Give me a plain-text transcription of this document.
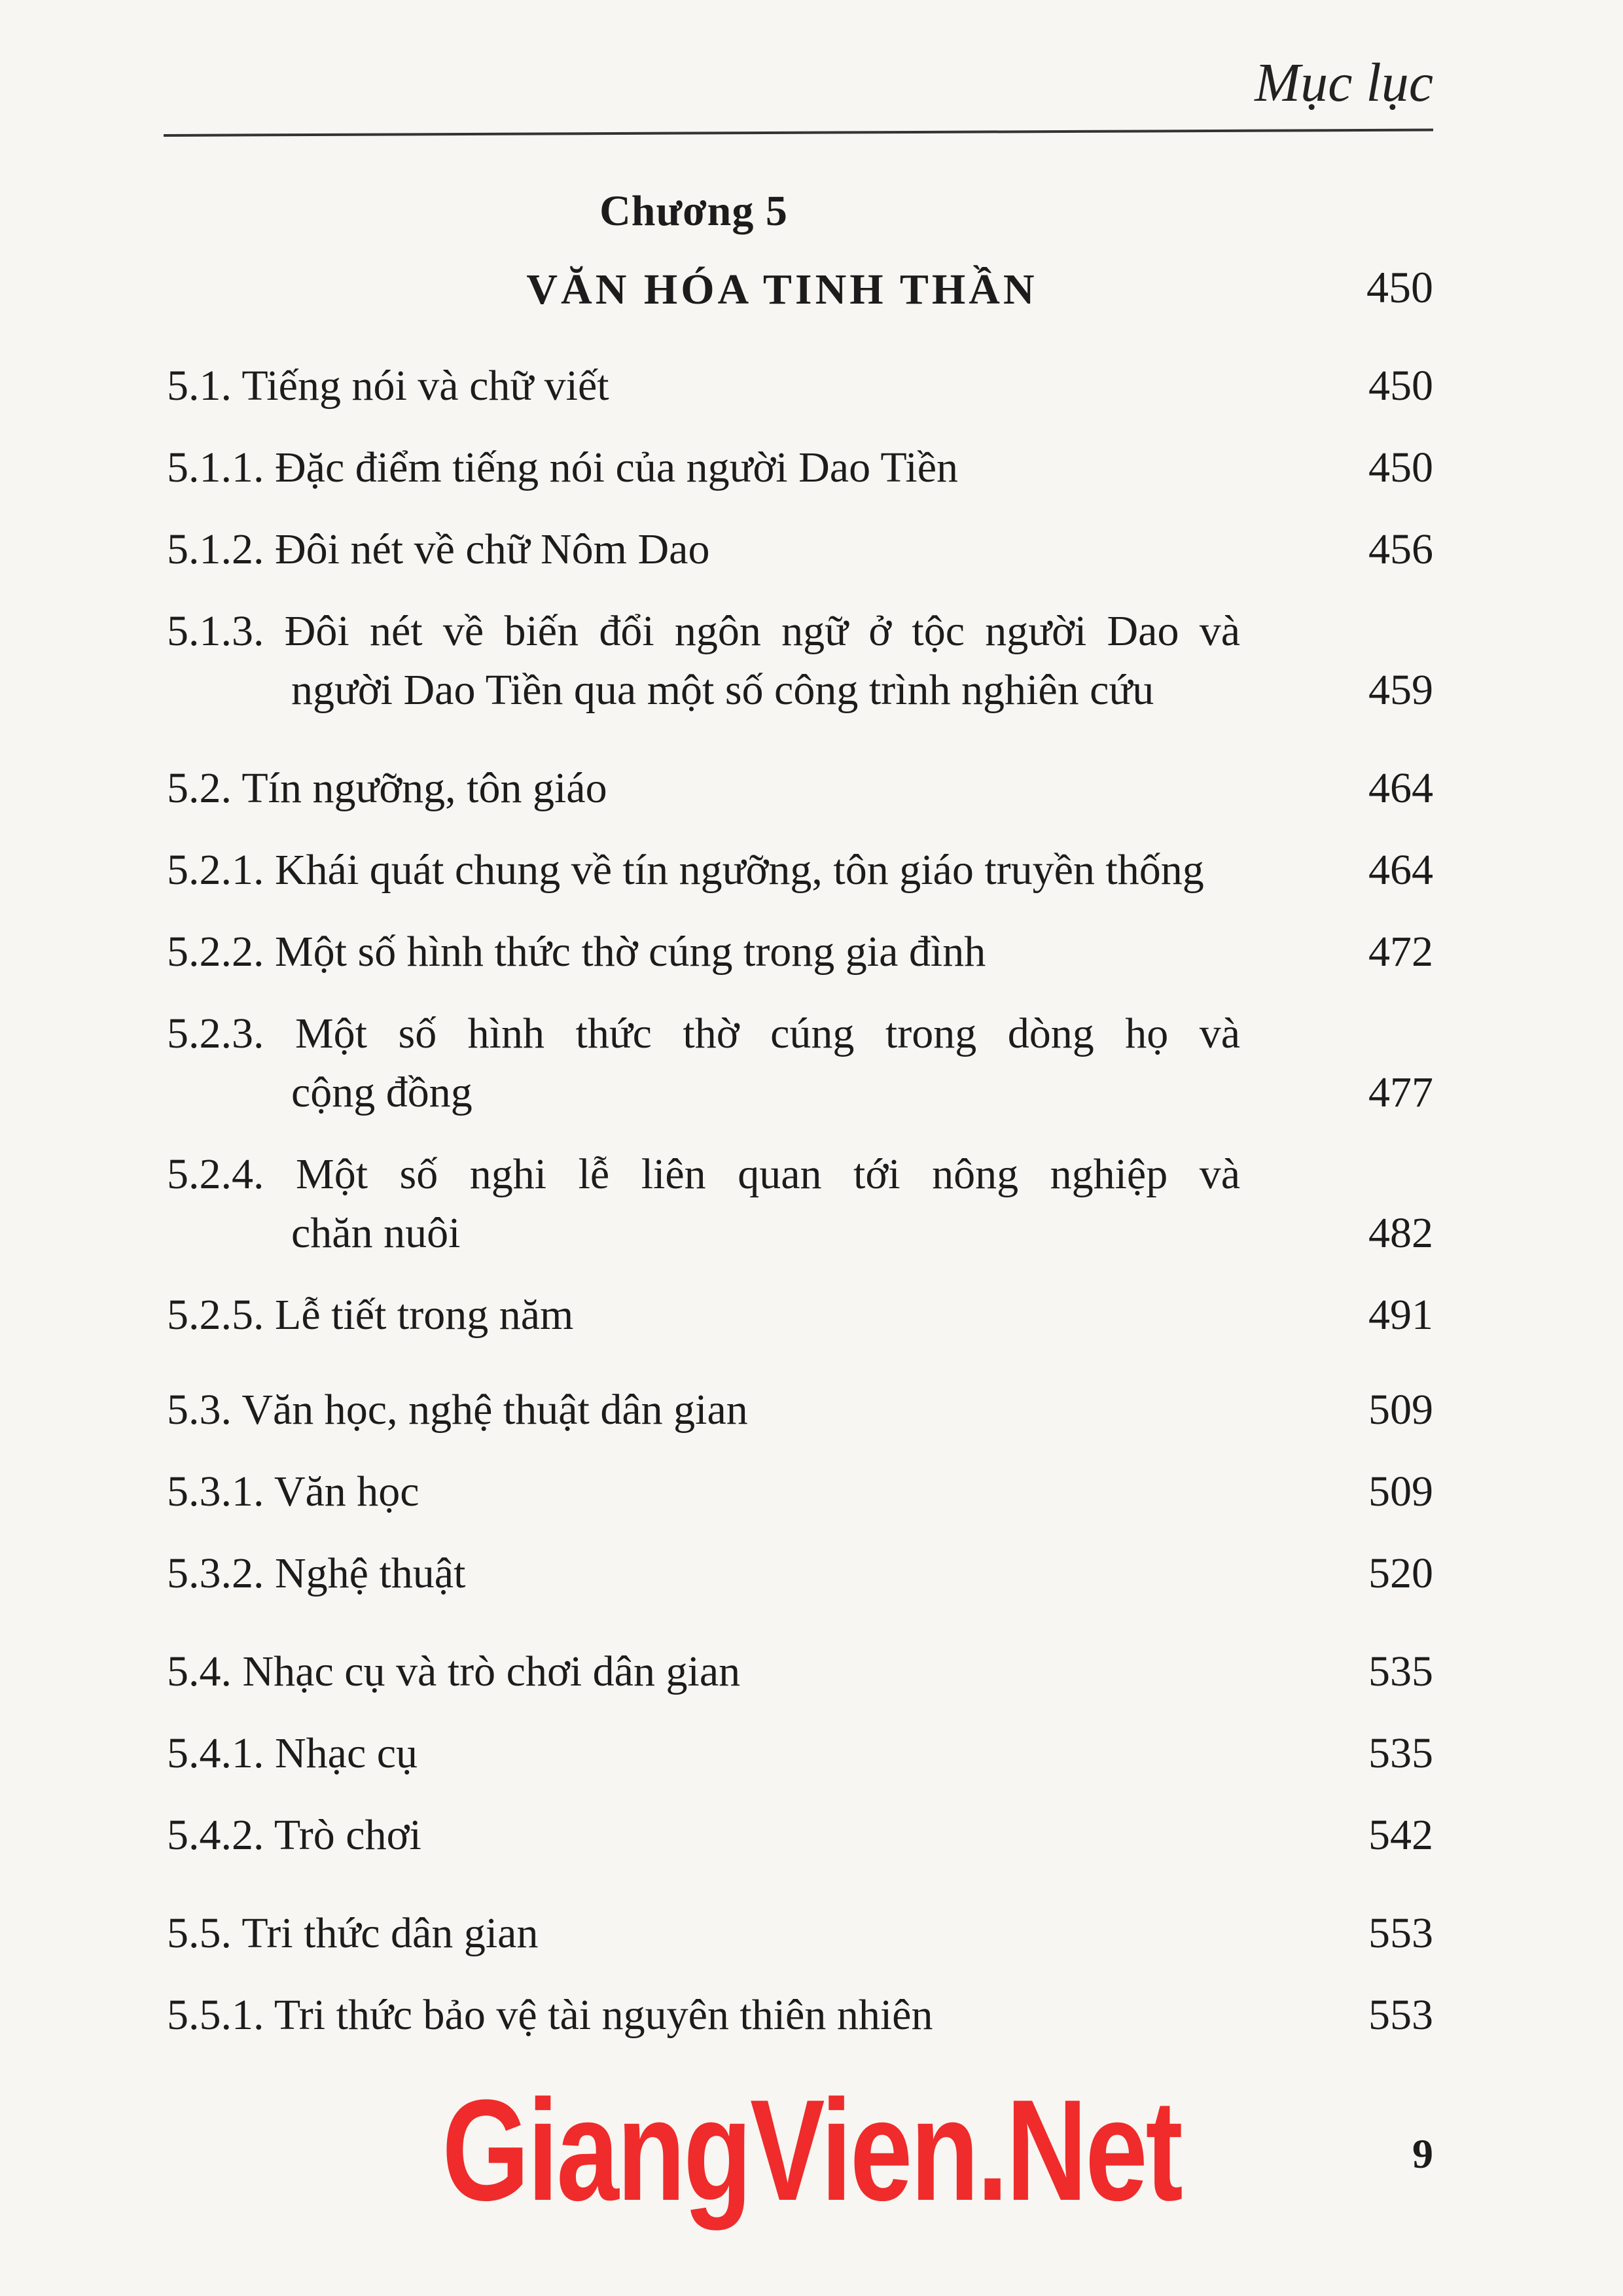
Mục lục
Chương 5
VĂN HÓA TINH THẦN	450
5.1. Tiếng nói và chữ viết	450
5.1.1. Đặc điểm tiếng nói của người Dao Tiền	450
5.1.2. Đôi nét về chữ Nôm Dao	456
5.1.3. Đôi nét về biến đổi ngôn ngữ ở tộc người Dao và
người Dao Tiền qua một số công trình nghiên cứu	459
5.2. Tín ngưỡng, tôn giáo	464
5.2.1. Khái quát chung về tín ngưỡng, tôn giáo truyền thống	464
5.2.2. Một số hình thức thờ cúng trong gia đình	472
5.2.3. Một số hình thức thờ cúng trong dòng họ và
cộng đồng	477
5.2.4. Một số nghi lễ liên quan tới nông nghiệp và
chăn nuôi	482
5.2.5. Lễ tiết trong năm	491
5.3. Văn học, nghệ thuật dân gian	509
5.3.1. Văn học	509
5.3.2. Nghệ thuật	520
5.4. Nhạc cụ và trò chơi dân gian	535
5.4.1. Nhạc cụ	535
5.4.2. Trò chơi	542
5.5. Tri thức dân gian	553
5.5.1. Tri thức bảo vệ tài nguyên thiên nhiên	553
GiangVien.Net	9
